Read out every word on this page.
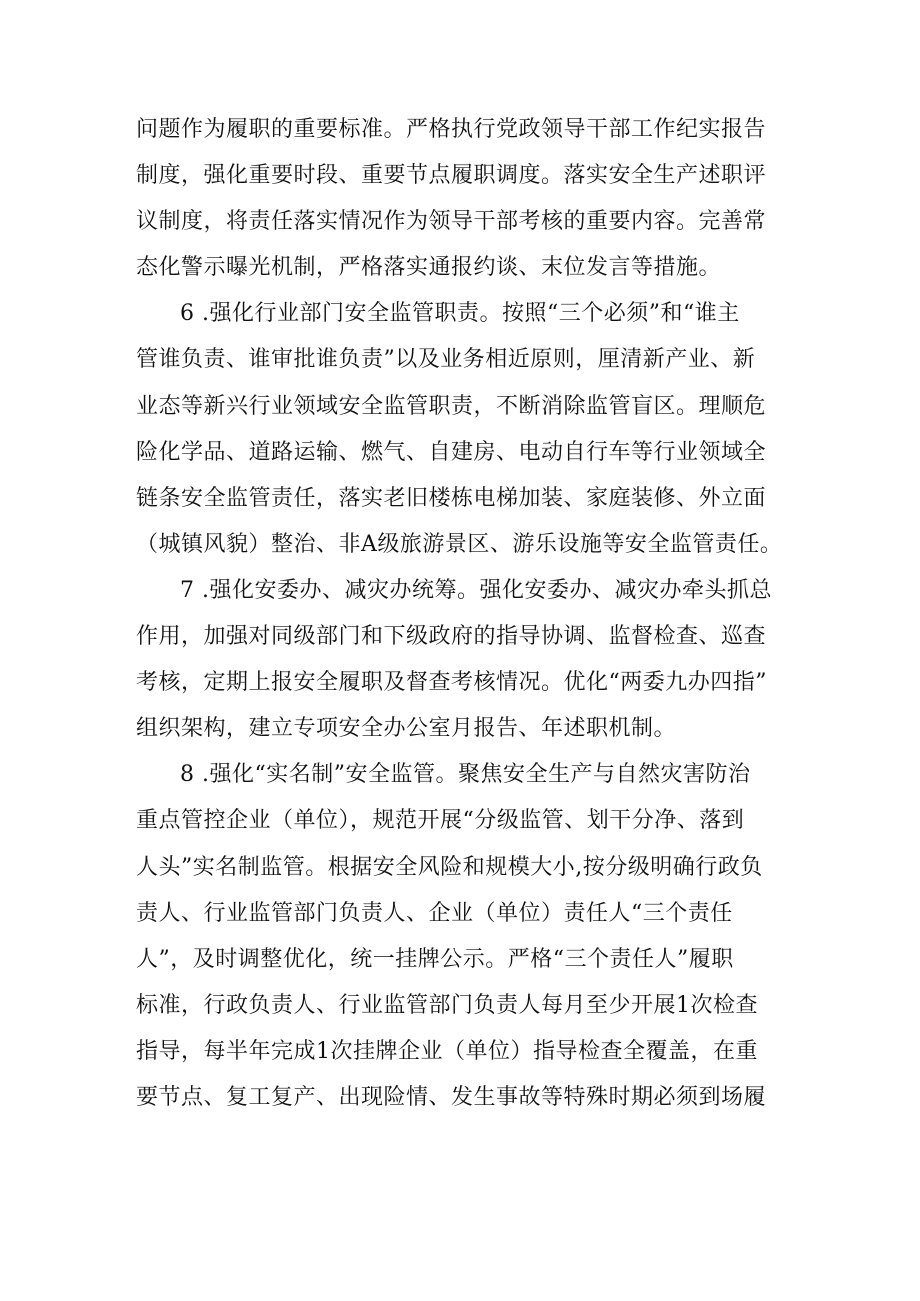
问题作为履职的重要标准。严格执行党政领导干部工作纪实报告
制度，强化重要时段、重要节点履职调度。落实安全生产述职评
议制度，将责任落实情况作为领导干部考核的重要内容。完善常
态化警示曝光机制，严格落实通报约谈、末位发言等措施。
6 .强化行业部门安全监管职责。按照“三个必须”和“谁主
管谁负责、谁审批谁负责”以及业务相近原则，厘清新产业、新
业态等新兴行业领域安全监管职责，不断消除监管盲区。理顺危
险化学品、道路运输、燃气、自建房、电动自行车等行业领域全
链条安全监管责任，落实老旧楼栋电梯加装、家庭装修、外立面
（城镇风貌）整治、非A级旅游景区、游乐设施等安全监管责任。
7 .强化安委办、减灾办统筹。强化安委办、减灾办牵头抓总
作用，加强对同级部门和下级政府的指导协调、监督检查、巡查
考核，定期上报安全履职及督查考核情况。优化“两委九办四指”
组织架构，建立专项安全办公室月报告、年述职机制。
8 .强化“实名制”安全监管。聚焦安全生产与自然灾害防治
重点管控企业（单位），规范开展“分级监管、划干分净、落到
人头”实名制监管。根据安全风险和规模大小,按分级明确行政负
责人、行业监管部门负责人、企业（单位）责任人“三个责任
人”，及时调整优化，统一挂牌公示。严格“三个责任人”履职
标准，行政负责人、行业监管部门负责人每月至少开展1次检查
指导，每半年完成1次挂牌企业（单位）指导检查全覆盖，在重
要节点、复工复产、出现险情、发生事故等特殊时期必须到场履
